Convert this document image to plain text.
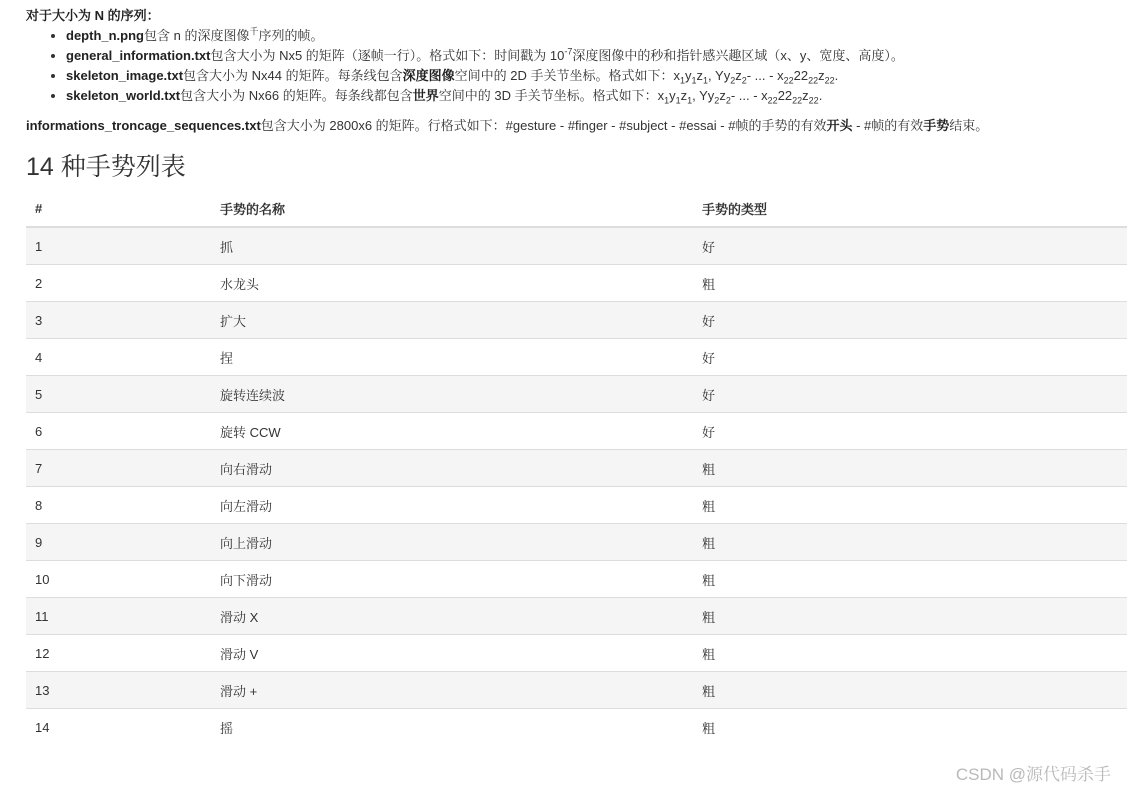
对于大小为 N 的序列：
• depth_n.png包含 n 的深度图像$^千$序列的帧。
• general_information.txt包含大小为 Nx5 的矩阵（逐帧一行）。格式如下：时间戳为 $10^{-7}$深度图像中的秒和指针感兴趣区域（x、y、宽度、高度）。
• skeleton_image.txt包含大小为 Nx44 的矩阵。每条线包含深度图像空间中的 2D 手关节坐标。格式如下：$x_1y_1z_1$, $Yy_2z_2-$ ... - $x_{22}22_{22}z_{22}$.
• skeleton_world.txt包含大小为 Nx66 的矩阵。每条线都包含世界空间中的 3D 手关节坐标。格式如下：$x_1y_1z_1$, $Yy_2z_2-$ ... - $x_{22}22_{22}z_{22}$.
informations_troncage_sequences.txt包含大小为 2800x6 的矩阵。行格式如下：#gesture - #finger - #subject - #essai - #帧的手势的有效开头 - #帧的有效手势结束。
14 种手势列表
#	手势的名称	手势的类型
1	抓	好
2	水龙头	粗
3	扩大	好
4	捏	好
5	旋转连续波	好
6	旋转 CCW	好
7	向右滑动	粗
8	向左滑动	粗
9	向上滑动	粗
10	向下滑动	粗
11	滑动 X	粗
12	滑动 V	粗
13	滑动 +	粗
14	摇	粗
CSDN @源代码杀手
